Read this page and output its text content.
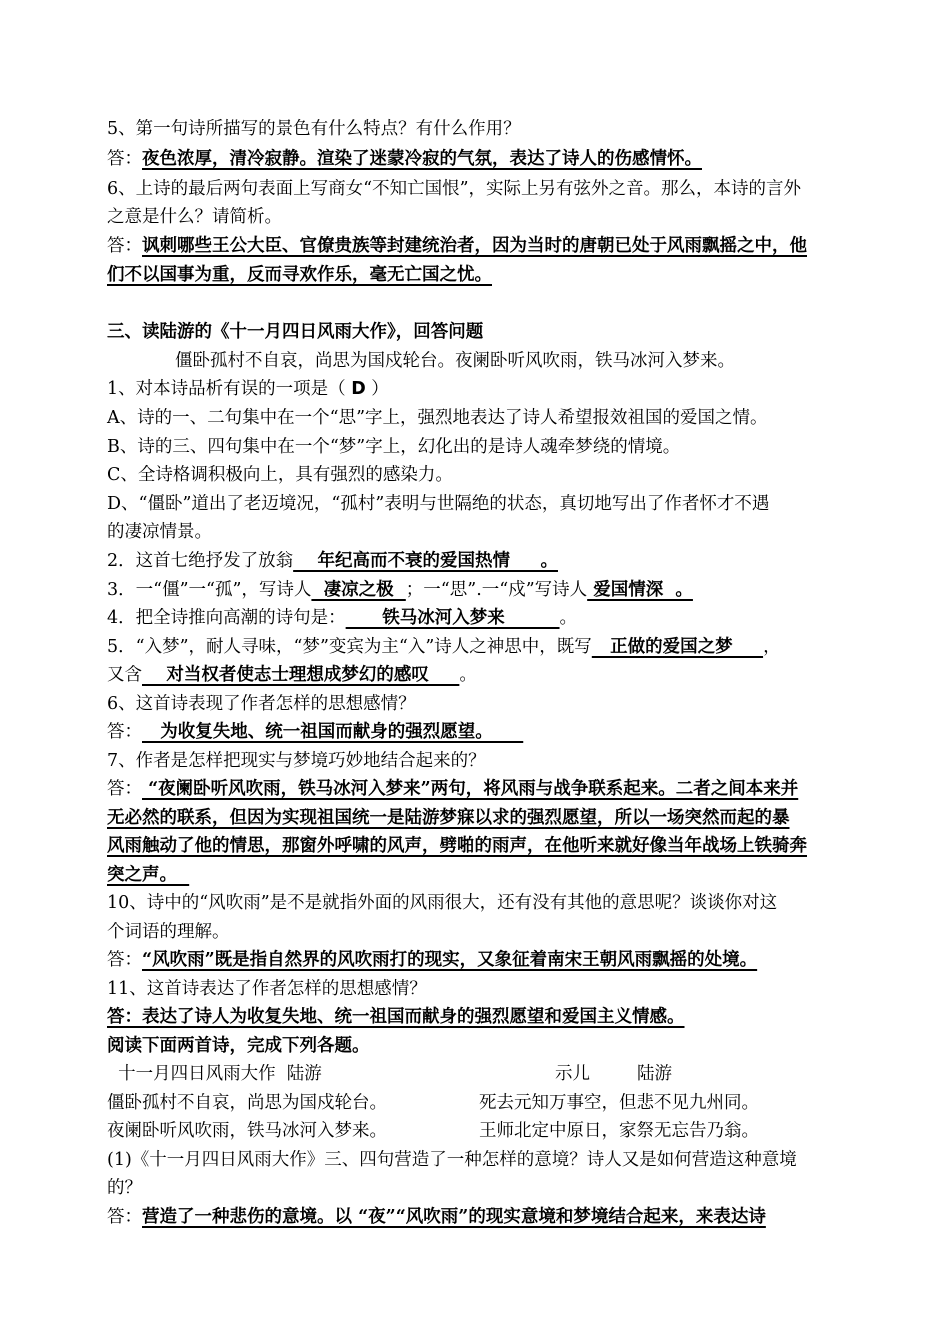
5、第一句诗所描写的景色有什么特点？有什么作用？
答：夜色浓厚，清冷寂静。渲染了迷蒙冷寂的气氛，表达了诗人的伤感情怀。
6、上诗的最后两句表面上写商女“不知亡国恨”，实际上另有弦外之音。那么，本诗的言外
之意是什么？请简析。
答：讽刺哪些王公大臣、官僚贵族等封建统治者，因为当时的唐朝已处于风雨飘摇之中，他
们不以国事为重，反而寻欢作乐，毫无亡国之忧。
三、读陆游的《十一月四日风雨大作》，回答问题
僵卧孤村不自哀，尚思为国戍轮台。夜阑卧听风吹雨，铁马冰河入梦来。
1、对本诗品析有误的一项是（ D ）
A、诗的一、二句集中在一个“思”字上，强烈地表达了诗人希望报效祖国的爱国之情。
B、诗的三、四句集中在一个“梦”字上，幻化出的是诗人魂牵梦绕的情境。
C、全诗格调积极向上，具有强烈的感染力。
D、“僵卧”道出了老迈境况，“孤村”表明与世隔绝的状态，真切地写出了作者怀才不遇
的凄凉情景。
2．这首七绝抒发了放翁    年纪高而不衰的爱国热情     。
3．一“僵”一“孤”，写诗人  凄凉之极  ；一“思”.一“戍”写诗人 爱国情深  。
4．把全诗推向高潮的诗句是：      铁马冰河入梦来         。
5．“入梦”，耐人寻味，“梦”变宾为主“入”诗人之神思中，既写   正做的爱国之梦     ，
又含    对当权者使志士理想成梦幻的感叹     。
6、这首诗表现了作者怎样的思想感情？
答：   为收复失地、统一祖国而献身的强烈愿望。
7、作者是怎样把现实与梦境巧妙地结合起来的？
答： “夜阑卧听风吹雨，铁马冰河入梦来”两句，将风雨与战争联系起来。二者之间本来并
无必然的联系，但因为实现祖国统一是陆游梦寐以求的强烈愿望，所以一场突然而起的暴
风雨触动了他的情思，那窗外呼啸的风声，劈啪的雨声，在他听来就好像当年战场上铁骑奔
突之声。
10、诗中的“风吹雨”是不是就指外面的风雨很大，还有没有其他的意思呢？谈谈你对这
个词语的理解。
答：“风吹雨”既是指自然界的风吹雨打的现实，又象征着南宋王朝风雨飘摇的处境。
11、这首诗表达了作者怎样的思想感情？
答：表达了诗人为收复失地、统一祖国而献身的强烈愿望和爱国主义情感。
阅读下面两首诗，完成下列各题。
十一月四日风雨大作  陆游	示儿	陆游
僵卧孤村不自哀，尚思为国戍轮台。	死去元知万事空，但悲不见九州同。
夜阑卧听风吹雨，铁马冰河入梦来。	王师北定中原日，家祭无忘告乃翁。
(1)《十一月四日风雨大作》三、四句营造了一种怎样的意境？诗人又是如何营造这种意境
的？
答：营造了一种悲伤的意境。以 “夜”“风吹雨”的现实意境和梦境结合起来，来表达诗
